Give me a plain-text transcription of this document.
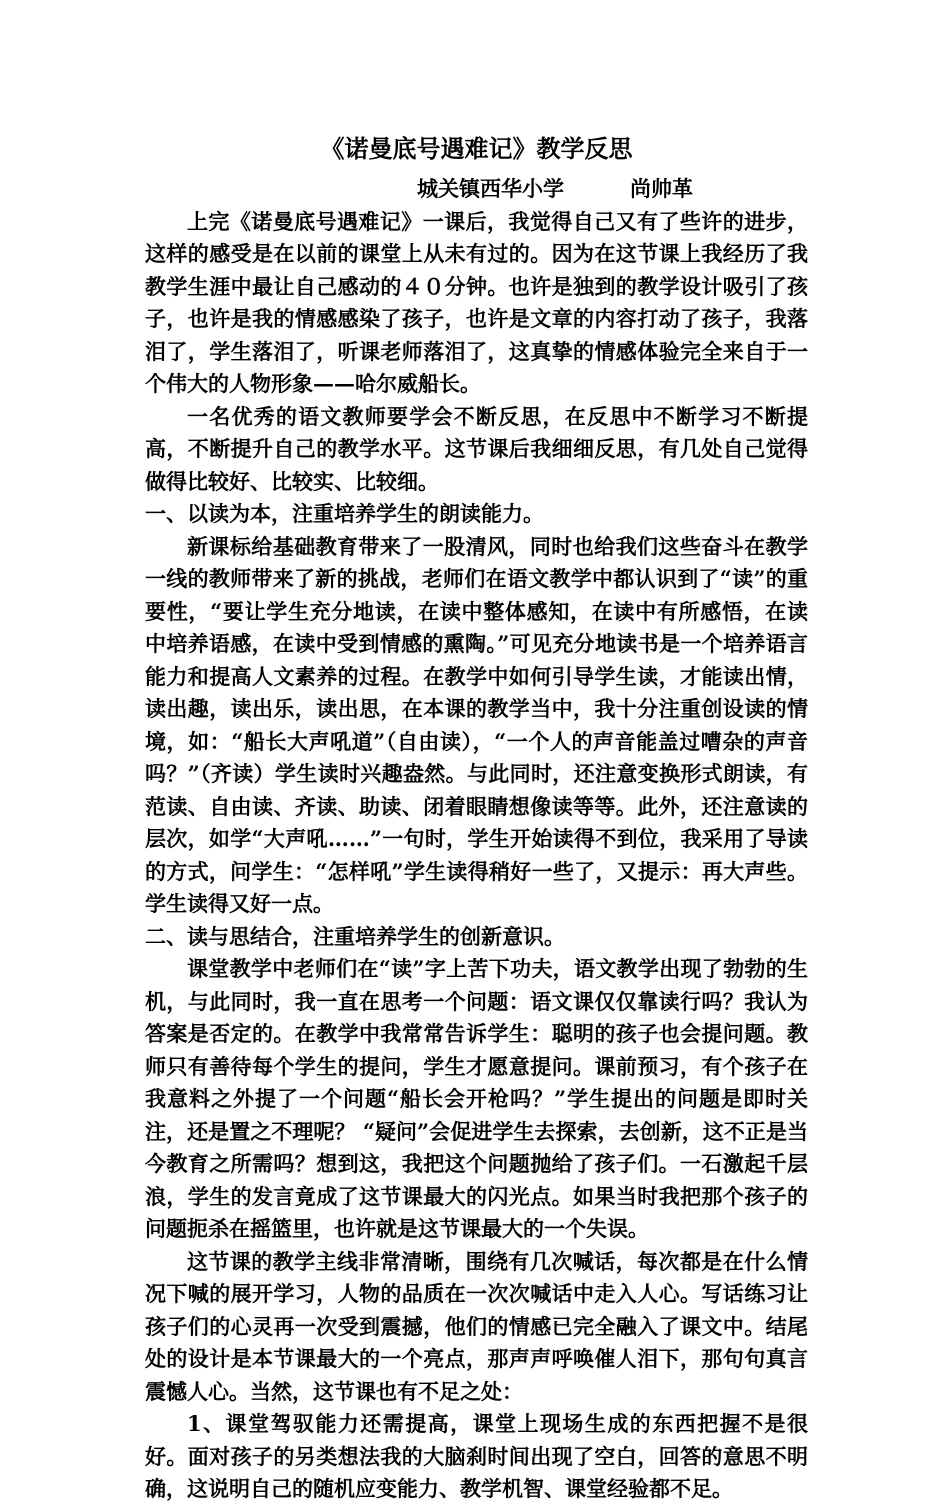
《诺曼底号遇难记》教学反思
城关镇西华小学	尚帅革

上完《诺曼底号遇难记》一课后，我觉得自己又有了些许的进步，这样的感受是在以前的课堂上从未有过的。因为在这节课上我经历了我教学生涯中最让自己感动的４０分钟。也许是独到的教学设计吸引了孩子，也许是我的情感感染了孩子，也许是文章的内容打动了孩子，我落泪了，学生落泪了，听课老师落泪了，这真挚的情感体验完全来自于一个伟大的人物形象——哈尔威船长。

一名优秀的语文教师要学会不断反思，在反思中不断学习不断提高，不断提升自己的教学水平。这节课后我细细反思，有几处自己觉得做得比较好、比较实、比较细。

一、以读为本，注重培养学生的朗读能力。

新课标给基础教育带来了一股清风，同时也给我们这些奋斗在教学一线的教师带来了新的挑战，老师们在语文教学中都认识到了“读”的重要性，“要让学生充分地读，在读中整体感知，在读中有所感悟，在读中培养语感，在读中受到情感的熏陶。”可见充分地读书是一个培养语言能力和提高人文素养的过程。在教学中如何引导学生读，才能读出情，读出趣，读出乐，读出思，在本课的教学当中，我十分注重创设读的情境，如：“船长大声吼道”（自由读），“一个人的声音能盖过嘈杂的声音吗？”（齐读）学生读时兴趣盎然。与此同时，还注意变换形式朗读，有范读、自由读、齐读、助读、闭着眼睛想像读等等。此外，还注意读的层次，如学“大声吼……”一句时，学生开始读得不到位，我采用了导读的方式，问学生：“怎样吼”学生读得稍好一些了，又提示：再大声些。学生读得又好一点。

二、读与思结合，注重培养学生的创新意识。

课堂教学中老师们在“读”字上苦下功夫，语文教学出现了勃勃的生机，与此同时，我一直在思考一个问题：语文课仅仅靠读行吗？我认为答案是否定的。在教学中我常常告诉学生：聪明的孩子也会提问题。教师只有善待每个学生的提问，学生才愿意提问。课前预习，有个孩子在我意料之外提了一个问题“船长会开枪吗？”学生提出的问题是即时关注，还是置之不理呢？ “疑问”会促进学生去探索，去创新，这不正是当今教育之所需吗？想到这，我把这个问题抛给了孩子们。一石激起千层浪，学生的发言竟成了这节课最大的闪光点。如果当时我把那个孩子的问题扼杀在摇篮里，也许就是这节课最大的一个失误。

这节课的教学主线非常清晰，围绕有几次喊话，每次都是在什么情况下喊的展开学习，人物的品质在一次次喊话中走入人心。写话练习让孩子们的心灵再一次受到震撼，他们的情感已完全融入了课文中。结尾处的设计是本节课最大的一个亮点，那声声呼唤催人泪下，那句句真言震憾人心。当然，这节课也有不足之处：

1、课堂驾驭能力还需提高，课堂上现场生成的东西把握不是很好。面对孩子的另类想法我的大脑刹时间出现了空白，回答的意思不明确，这说明自己的随机应变能力、教学机智、课堂经验都不足。
